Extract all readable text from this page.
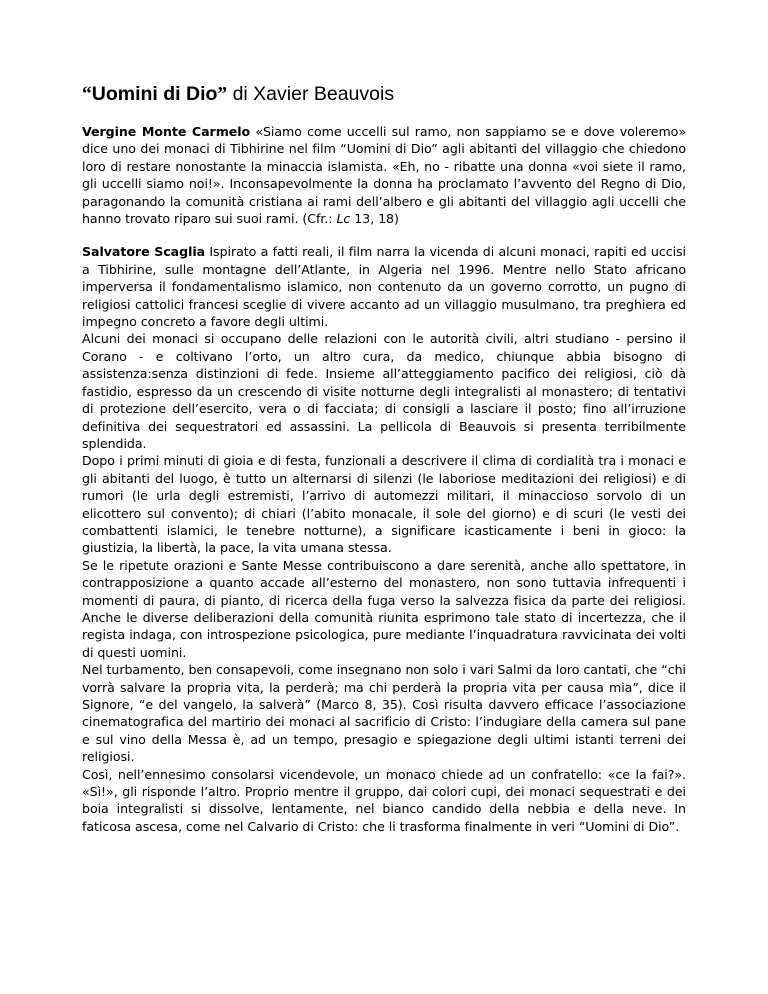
“Uomini di Dio” di Xavier Beauvois

Vergine Monte Carmelo «Siamo come uccelli sul ramo, non sappiamo se e dove voleremo» dice uno dei monaci di Tibhirine nel film “Uomini di Dio” agli abitanti del villaggio che chiedono loro di restare nonostante la minaccia islamista. «Eh, no - ribatte una donna «voi siete il ramo, gli uccelli siamo noi!». Inconsapevolmente la donna ha proclamato l’avvento del Regno di Dio, paragonando la comunità cristiana ai rami dell’albero e gli abitanti del villaggio agli uccelli che hanno trovato riparo sui suoi rami. (Cfr.: Lc 13, 18)

Salvatore Scaglia Ispirato a fatti reali, il film narra la vicenda di alcuni monaci, rapiti ed uccisi a Tibhirine, sulle montagne dell’Atlante, in Algeria nel 1996. Mentre nello Stato africano imperversa il fondamentalismo islamico, non contenuto da un governo corrotto, un pugno di religiosi cattolici francesi sceglie di vivere accanto ad un villaggio musulmano, tra preghiera ed impegno concreto a favore degli ultimi.

Alcuni dei monaci si occupano delle relazioni con le autorità civili, altri studiano - persino il Corano - e coltivano l’orto, un altro cura, da medico, chiunque abbia bisogno di assistenza:senza distinzioni di fede. Insieme all’atteggiamento pacifico dei religiosi, ciò dà fastidio, espresso da un crescendo di visite notturne degli integralisti al monastero; di tentativi di protezione dell’esercito, vera o di facciata; di consigli a lasciare il posto; fino all’irruzione definitiva dei sequestratori ed assassini. La pellicola di Beauvois si presenta terribilmente splendida.

Dopo i primi minuti di gioia e di festa, funzionali a descrivere il clima di cordialità tra i monaci e gli abitanti del luogo, è tutto un alternarsi di silenzi (le laboriose meditazioni dei religiosi) e di rumori (le urla degli estremisti, l’arrivo di automezzi militari, il minaccioso sorvolo di un elicottero sul convento); di chiari (l’abito monacale, il sole del giorno) e di scuri (le vesti dei combattenti islamici, le tenebre notturne), a significare icasticamente i beni in gioco: la giustizia, la libertà, la pace, la vita umana stessa.

Se le ripetute orazioni e Sante Messe contribuiscono a dare serenità, anche allo spettatore, in contrapposizione a quanto accade all’esterno del monastero, non sono tuttavia infrequenti i momenti di paura, di pianto, di ricerca della fuga verso la salvezza fisica da parte dei religiosi. Anche le diverse deliberazioni della comunità riunita esprimono tale stato di incertezza, che il regista indaga, con introspezione psicologica, pure mediante l’inquadratura ravvicinata dei volti di questi uomini.

Nel turbamento, ben consapevoli, come insegnano non solo i vari Salmi da loro cantati, che “chi vorrà salvare la propria vita, la perderà; ma chi perderà la propria vita per causa mia”, dice il Signore, “e del vangelo, la salverà” (Marco 8, 35). Così risulta davvero efficace l’associazione cinematografica del martirio dei monaci al sacrificio di Cristo: l’indugiare della camera sul pane e sul vino della Messa è, ad un tempo, presagio e spiegazione degli ultimi istanti terreni dei religiosi.

Così, nell’ennesimo consolarsi vicendevole, un monaco chiede ad un confratello: «ce la fai?». «Sì!», gli risponde l’altro. Proprio mentre il gruppo, dai colori cupi, dei monaci sequestrati e dei boia integralisti si dissolve, lentamente, nel bianco candido della nebbia e della neve. In faticosa ascesa, come nel Calvario di Cristo: che li trasforma finalmente in veri “Uomini di Dio”.
